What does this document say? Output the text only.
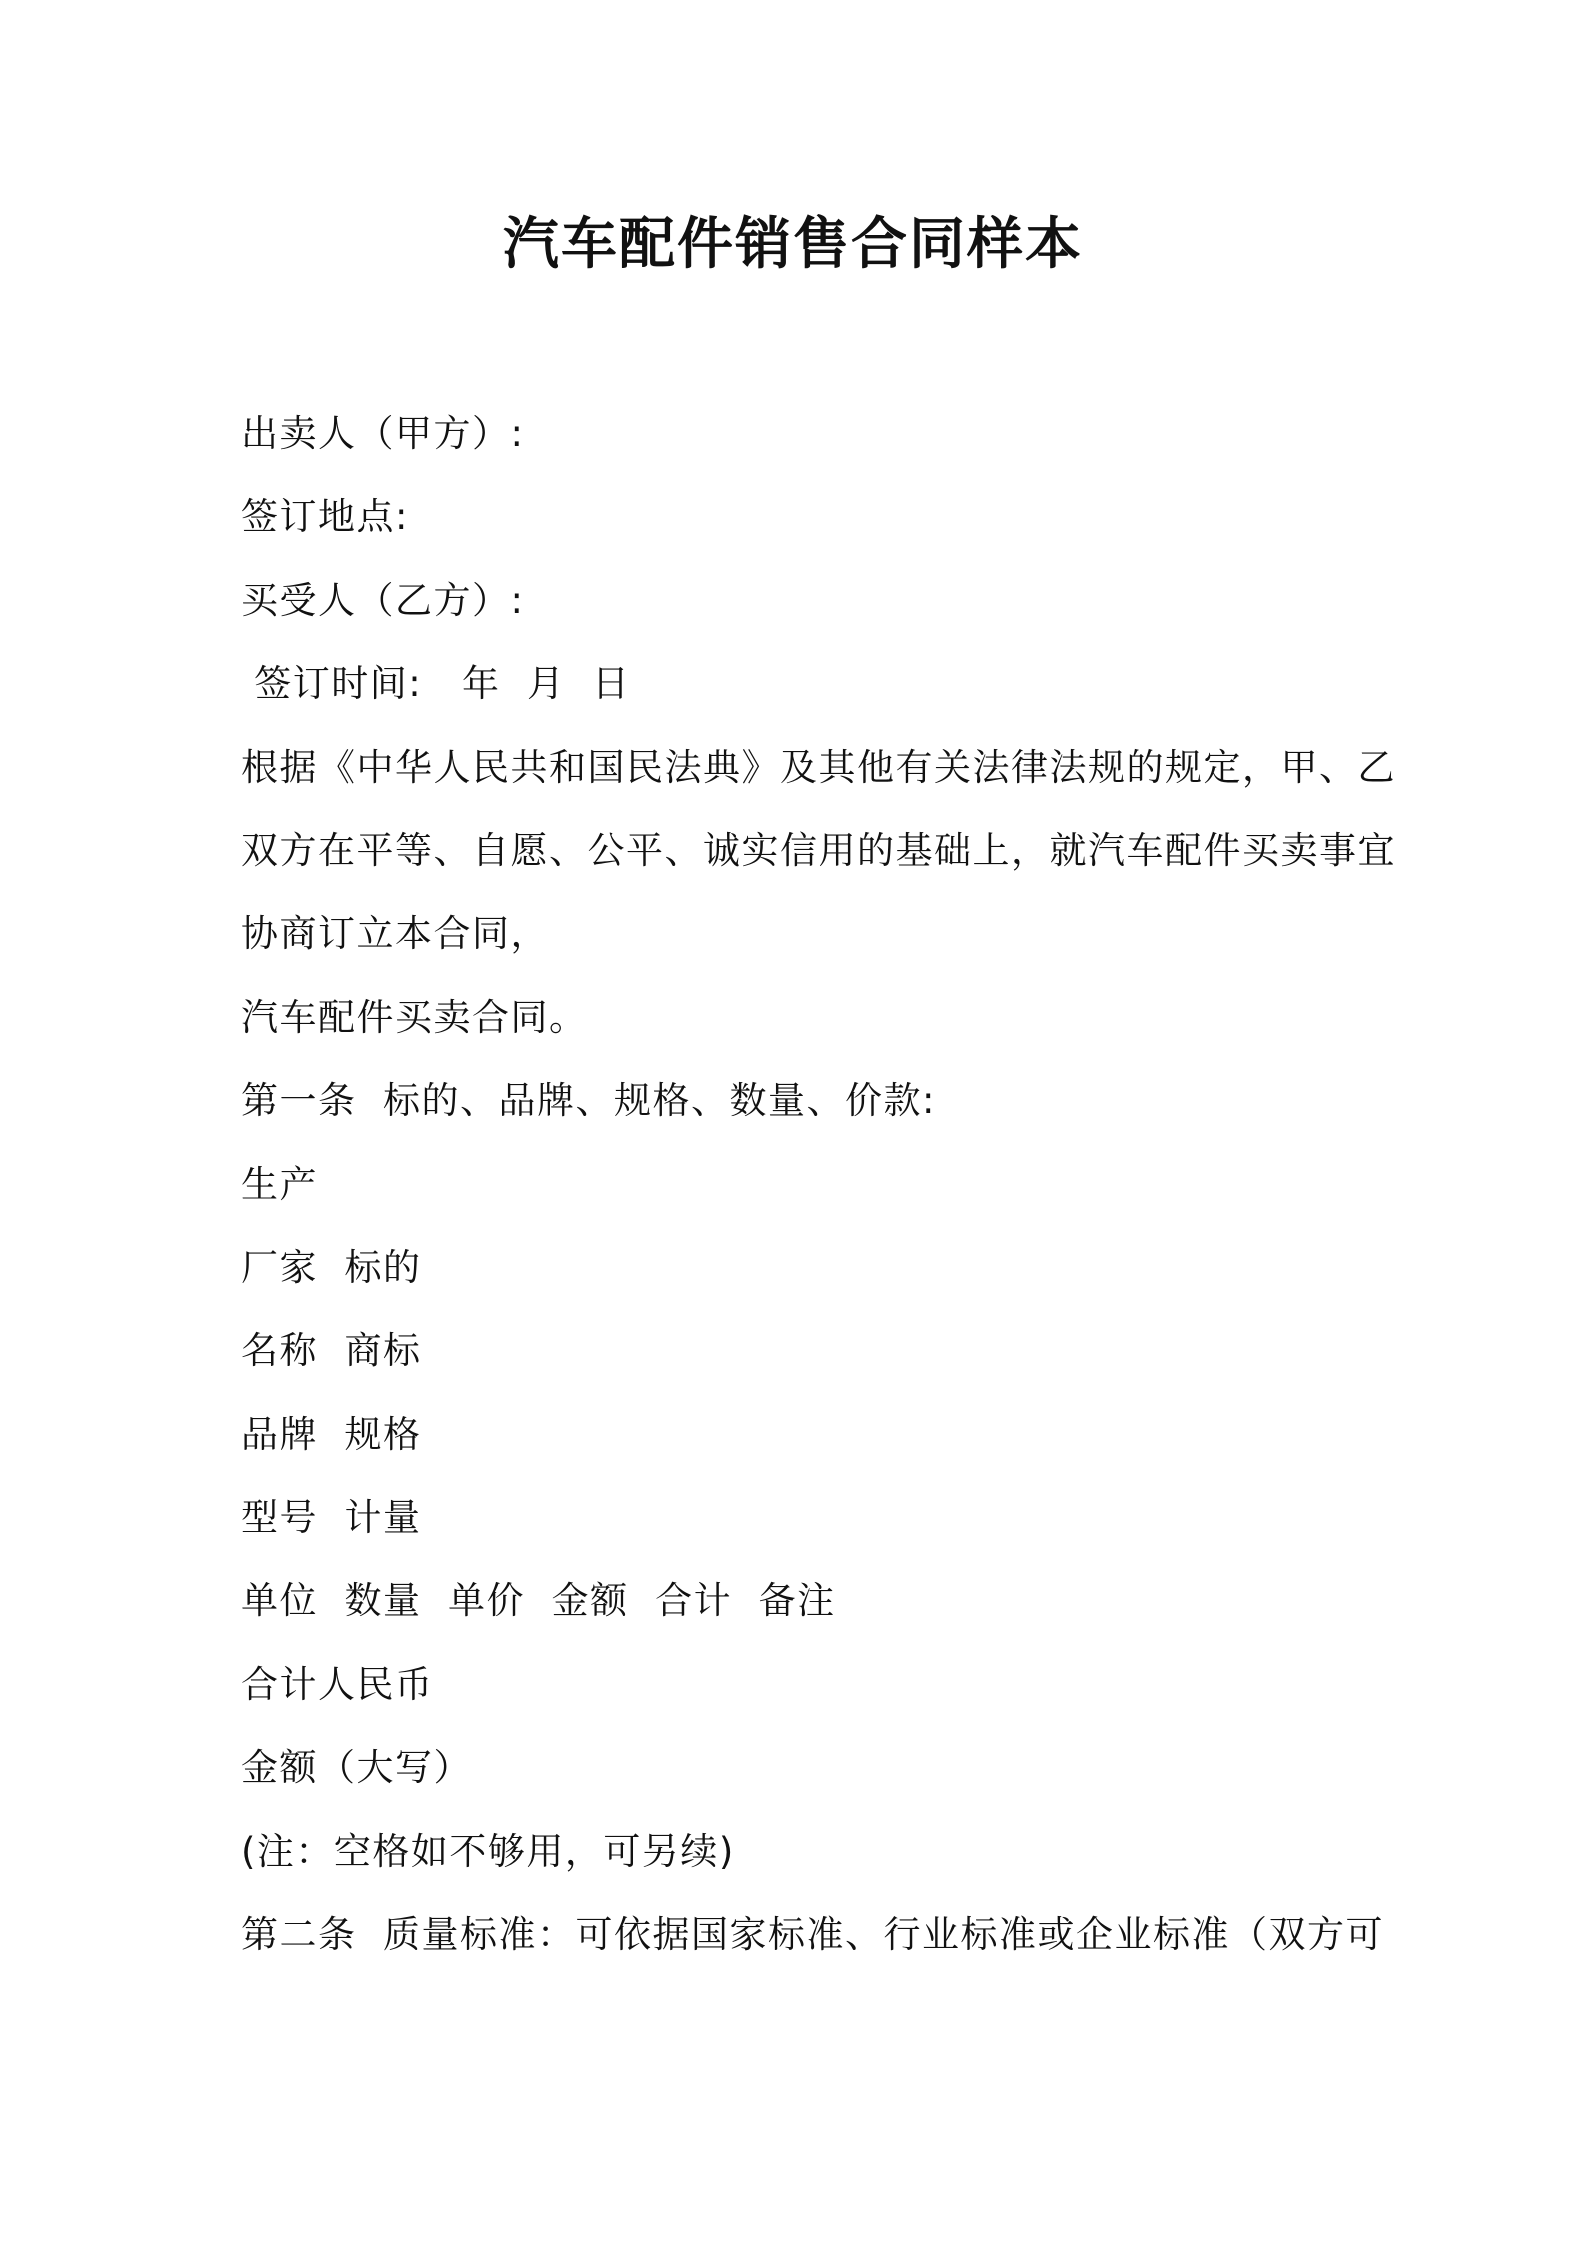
汽车配件销售合同样本
出卖人（甲方）:
签订地点:
买受人（乙方）:
签订时间:   年  月  日
根据《中华人民共和国民法典》及其他有关法律法规的规定，甲、乙
双方在平等、自愿、公平、诚实信用的基础上，就汽车配件买卖事宜
协商订立本合同，
汽车配件买卖合同。
第一条  标的、品牌、规格、数量、价款:
生产
厂家  标的
名称  商标
品牌  规格
型号  计量
单位  数量  单价  金额  合计  备注
合计人民币
金额（大写）
(注：空格如不够用，可另续)
第二条  质量标准：可依据国家标准、行业标准或企业标准（双方可
